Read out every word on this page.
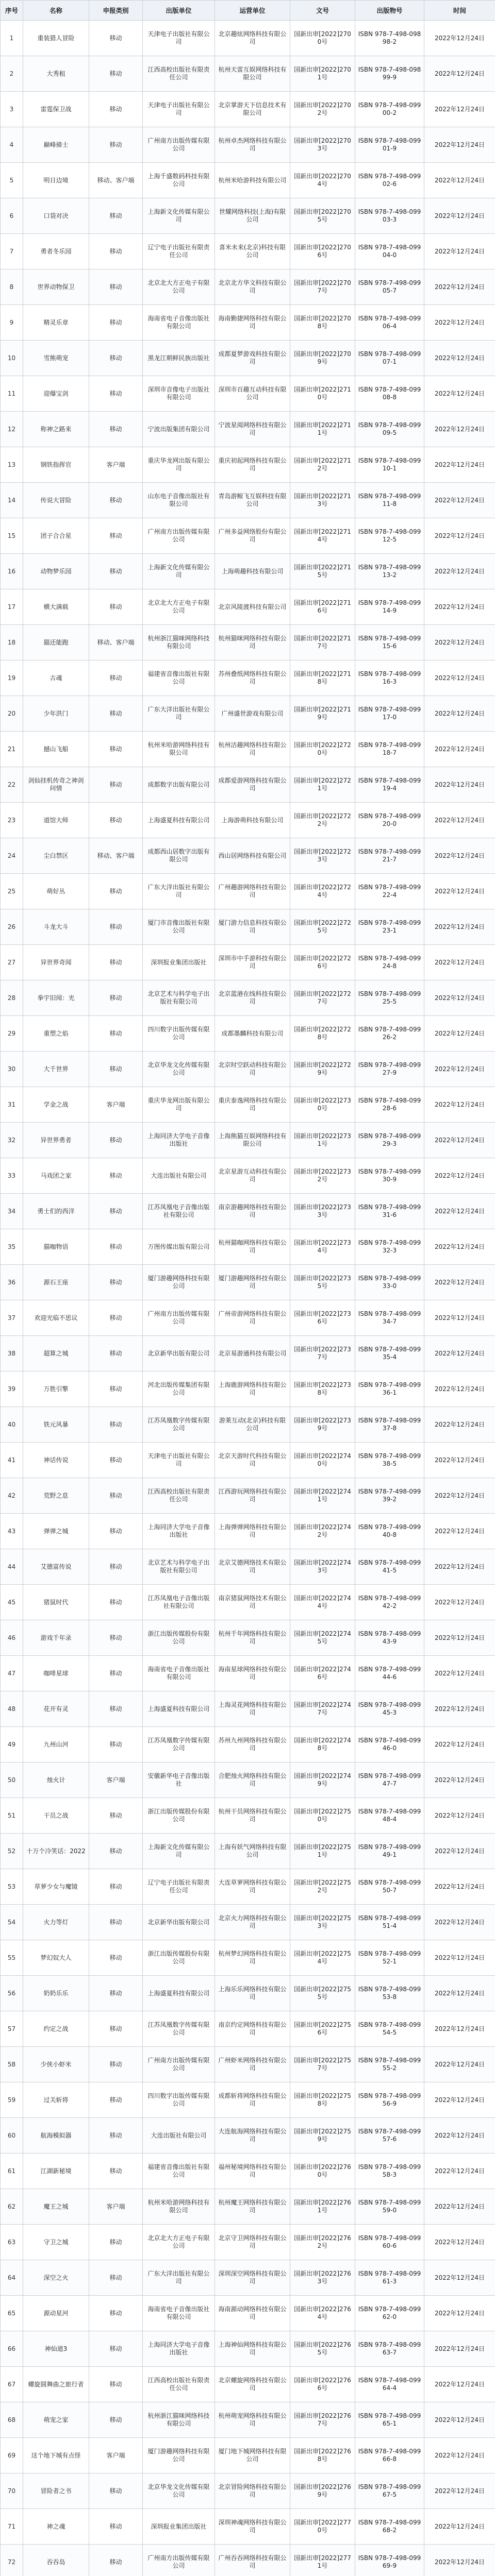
序号	名称	申报类别	出版单位	运营单位	文号	出版物号	时间
1	重装猎人冒险	移动	天津电子出版社有限公司	北京趣炫网络科技有限公司	国新出审[2022]2700号	ISBN 978-7-498-09898-2	2022年12月24日
2	大秀租	移动	江西高校出版社有限责任公司	杭州天雷互娱网络科技有限公司	国新出审[2022]2701号	ISBN 978-7-498-09899-9	2022年12月24日
3	雷霆保卫战	移动	天津电子出版社有限公司	北京掌游天下信息技术有限公司	国新出审[2022]2702号	ISBN 978-7-498-09900-2	2022年12月24日
4	巅峰骑士	移动	广州南方出版传媒有限公司	杭州卓杰网络科技有限公司	国新出审[2022]2703号	ISBN 978-7-498-09901-9	2022年12月24日
5	明日边境	移动、客户端	上海千盛数码科技有限公司	杭州米哈游科技有限公司	国新出审[2022]2704号	ISBN 978-7-498-09902-6	2022年12月24日
6	口袋对决	移动	上海新文化传媒有限公司	世耀网络科技(上海)有限公司	国新出审[2022]2705号	ISBN 978-7-498-09903-3	2022年12月24日
7	勇者冬乐园	移动	辽宁电子出版社有限责任公司	喜米未来(北京)科技有限公司	国新出审[2022]2706号	ISBN 978-7-498-09904-0	2022年12月24日
8	世界动物保卫	移动	北京北大方正电子有限公司	北京北方华文科技有限公司	国新出审[2022]2707号	ISBN 978-7-498-09905-7	2022年12月24日
9	精灵乐章	移动	海南省电子音像出版社有限公司	海南勤捷网络科技有限公司	国新出审[2022]2708号	ISBN 978-7-498-09906-4	2022年12月24日
10	雪熊萌宠	移动	黑龙江朝鲜民族出版社	成都夏梦游戏科技有限公司	国新出审[2022]2709号	ISBN 978-7-498-09907-1	2022年12月24日
11	迎爆宝剑	移动	深圳市音像电子出版社有限公司	深圳市百趣互动科技有限公司	国新出审[2022]2710号	ISBN 978-7-498-09908-8	2022年12月24日
12	称神之路来	移动	宁波出版集团有限公司	宁波星阅网络科技有限公司	国新出审[2022]2711号	ISBN 978-7-498-09909-5	2022年12月24日
13	钢铁指挥官	客户端	重庆华龙网出版有限公司	重庆初起网络科技有限公司	国新出审[2022]2712号	ISBN 978-7-498-09910-1	2022年12月24日
14	传说大冒险	移动	山东电子音像出版社有限公司	青岛游鲸飞互娱科技有限公司	国新出审[2022]2713号	ISBN 978-7-498-09911-8	2022年12月24日
15	团子合合星	移动	广州南方出版传媒有限公司	广州多益网络股份有限公司	国新出审[2022]2714号	ISBN 978-7-498-09912-5	2022年12月24日
16	动物梦乐园	移动	上海新文化传媒有限公司	上海萌趣科技有限公司	国新出审[2022]2715号	ISBN 978-7-498-09913-2	2022年12月24日
17	横大满载	移动	北京北大方正电子有限公司	北京风陵渡科技有限公司	国新出审[2022]2716号	ISBN 978-7-498-09914-9	2022年12月24日
18	猫还能跑	移动、客户端	杭州浙江猫咪网络科技有限公司	杭州猫咪网络科技有限公司	国新出审[2022]2717号	ISBN 978-7-498-09915-6	2022年12月24日
19	古魂	移动	福建省音像出版社有限公司	苏州叠纸网络科技有限公司	国新出审[2022]2718号	ISBN 978-7-498-09916-3	2022年12月24日
20	少年洪门	移动	广东大洋出版社有限公司	广州盛世游戏有限公司	国新出审[2022]2719号	ISBN 978-7-498-09917-0	2022年12月24日
21	撼山飞船	移动	杭州米哈游网络科技有限公司	杭州洁趣网络科技有限公司	国新出审[2022]2720号	ISBN 978-7-498-09918-7	2022年12月24日
22	剑仙挂机传奇之神剑问情	移动	成都数字出版有限公司	成都爱游网络科技有限公司	国新出审[2022]2721号	ISBN 978-7-498-09919-4	2022年12月24日
23	道馆大师	移动	上海盛夏科技有限公司	上海游萌科技有限公司	国新出审[2022]2722号	ISBN 978-7-498-09920-0	2022年12月24日
24	尘白禁区	移动、客户端	成都西山居数字出版有限公司	西山居网络科技有限公司	国新出审[2022]2723号	ISBN 978-7-498-09921-7	2022年12月24日
25	萌好丛	移动	广东大洋出版社有限公司	广州趣游网络科技有限公司	国新出审[2022]2724号	ISBN 978-7-498-09922-4	2022年12月24日
26	斗龙大斗	移动	厦门市音像出版社有限公司	厦门游力信息科技有限公司	国新出审[2022]2725号	ISBN 978-7-498-09923-1	2022年12月24日
27	异世界奇闻	移动	深圳报业集团出版社	深圳市中手游科技有限公司	国新出审[2022]2726号	ISBN 978-7-498-09924-8	2022年12月24日
28	拳宇旧闻：光	移动	北京艺术与科学电子出版社有限公司	北京蓝港在线科技有限公司	国新出审[2022]2727号	ISBN 978-7-498-09925-5	2022年12月24日
29	重塑之焰	移动	四川数字出版传媒有限公司	成都墨麟科技有限公司	国新出审[2022]2728号	ISBN 978-7-498-09926-2	2022年12月24日
30	大千世界	移动	北京华龙文化传媒有限公司	北京时空跃动科技有限公司	国新出审[2022]2729号	ISBN 978-7-498-09927-9	2022年12月24日
31	学金之战	客户端	重庆华龙网出版有限公司	重庆泰逸网络科技有限公司	国新出审[2022]2730号	ISBN 978-7-498-09928-6	2022年12月24日
32	异世界勇者	移动	上海同济大学电子音像出版社	上海熊猫互娱网络科技有限公司	国新出审[2022]2731号	ISBN 978-7-498-09929-3	2022年12月24日
33	马戏团之家	移动	大连出版社有限公司	北京星游互动科技有限公司	国新出审[2022]2732号	ISBN 978-7-498-09930-9	2022年12月24日
34	勇士们的西洋	移动	江苏凤凰电子音像出版社有限公司	南京游趣网络科技有限公司	国新出审[2022]2733号	ISBN 978-7-498-09931-6	2022年12月24日
35	猫咖物语	移动	万图传媒出版有限公司	杭州猫咖网络科技有限公司	国新出审[2022]2734号	ISBN 978-7-498-09932-3	2022年12月24日
36	源石王座	移动	厦门游趣网络科技有限公司	厦门游趣网络科技有限公司	国新出审[2022]2735号	ISBN 978-7-498-09933-0	2022年12月24日
37	欢迎光临不思议	移动	广州南方出版传媒有限公司	广州帝游网络科技有限公司	国新出审[2022]2736号	ISBN 978-7-498-09934-7	2022年12月24日
38	超算之城	移动	北京新华出版有限公司	北京易游通科技有限公司	国新出审[2022]2737号	ISBN 978-7-498-09935-4	2022年12月24日
39	万胜引擎	移动	河北出版传媒集团有限公司	上海鹿游网络科技有限公司	国新出审[2022]2738号	ISBN 978-7-498-09936-1	2022年12月24日
40	铁元风暴	移动	江苏凤凰数字传媒有限公司	游莱互动(北京)科技有限公司	国新出审[2022]2739号	ISBN 978-7-498-09937-8	2022年12月24日
41	神话传说	移动	天津电子出版社有限公司	北京天游时代科技有限公司	国新出审[2022]2740号	ISBN 978-7-498-09938-5	2022年12月24日
42	荒野之息	移动	江西高校出版社有限责任公司	江西游玩网络科技有限公司	国新出审[2022]2741号	ISBN 978-7-498-09939-2	2022年12月24日
43	弹弹之城	移动	上海同济大学电子音像出版社	上海弹弹网络科技有限公司	国新出审[2022]2742号	ISBN 978-7-498-09940-8	2022年12月24日
44	艾德富传说	移动	北京艺术与科学电子出版社有限公司	北京艾德网络技术有限公司	国新出审[2022]2743号	ISBN 978-7-498-09941-5	2022年12月24日
45	猪鼠时代	移动	江苏凤凰电子音像出版社有限公司	南京猪鼠网络技术有限公司	国新出审[2022]2744号	ISBN 978-7-498-09942-2	2022年12月24日
46	游戏千年录	移动	浙江出版传媒股份有限公司	杭州千年网络科技有限公司	国新出审[2022]2745号	ISBN 978-7-498-09943-9	2022年12月24日
47	咖啡星球	移动	海南省电子音像出版社有限公司	海南星球网络科技有限公司	国新出审[2022]2746号	ISBN 978-7-498-09944-6	2022年12月24日
48	花开有灵	移动	上海盛夏科技有限公司	上海灵花网络科技有限公司	国新出审[2022]2747号	ISBN 978-7-498-09945-3	2022年12月24日
49	九州山河	移动	江苏凤凰数字传媒有限公司	苏州九州网络科技有限公司	国新出审[2022]2748号	ISBN 978-7-498-09946-0	2022年12月24日
50	烛火计	客户端	安徽新华电子音像出版社	合肥烛火网络科技有限公司	国新出审[2022]2749号	ISBN 978-7-498-09947-7	2022年12月24日
51	干员之战	移动	浙江出版传媒股份有限公司	杭州干员网络科技有限公司	国新出审[2022]2750号	ISBN 978-7-498-09948-4	2022年12月24日
52	十万个冷笑话：2022	移动	上海新文化传媒有限公司	上海有妖气网络科技有限公司	国新出审[2022]2751号	ISBN 978-7-498-09949-1	2022年12月24日
53	草萝少女与魔镜	移动	辽宁电子出版社有限责任公司	大连草萝网络科技有限公司	国新出审[2022]2752号	ISBN 978-7-498-09950-7	2022年12月24日
54	火力等灯	移动	北京新华出版有限公司	北京火力网络科技有限公司	国新出审[2022]2753号	ISBN 978-7-498-09951-4	2022年12月24日
55	梦幻奴大人	移动	浙江出版传媒股份有限公司	杭州梦幻网络科技有限公司	国新出审[2022]2754号	ISBN 978-7-498-09952-1	2022年12月24日
56	奶奶乐乐	移动	上海盛夏科技有限公司	上海乐乐网络科技有限公司	国新出审[2022]2755号	ISBN 978-7-498-09953-8	2022年12月24日
57	约定之战	移动	江苏凤凰数字传媒有限公司	南京约定网络科技有限公司	国新出审[2022]2756号	ISBN 978-7-498-09954-5	2022年12月24日
58	少侠小虾米	移动	广州南方出版传媒有限公司	广州虾米网络科技有限公司	国新出审[2022]2757号	ISBN 978-7-498-09955-2	2022年12月24日
59	过关斩将	移动	四川数字出版传媒有限公司	成都斩将网络科技有限公司	国新出审[2022]2758号	ISBN 978-7-498-09956-9	2022年12月24日
60	航海模拟器	移动	大连出版社有限公司	大连航海网络科技有限公司	国新出审[2022]2759号	ISBN 978-7-498-09957-6	2022年12月24日
61	江湖新秘境	移动	福建省音像出版社有限公司	福州秘境网络科技有限公司	国新出审[2022]2760号	ISBN 978-7-498-09958-3	2022年12月24日
62	魔王之城	客户端	杭州米哈游网络科技有限公司	杭州魔王网络科技有限公司	国新出审[2022]2761号	ISBN 978-7-498-09959-0	2022年12月24日
63	守卫之城	移动	北京北大方正电子有限公司	北京守卫网络科技有限公司	国新出审[2022]2762号	ISBN 978-7-498-09960-6	2022年12月24日
64	深空之火	移动	广东大洋出版社有限公司	深圳深空网络科技有限公司	国新出审[2022]2763号	ISBN 978-7-498-09961-3	2022年12月24日
65	源动星河	移动	海南省电子音像出版社有限公司	海南源动网络科技有限公司	国新出审[2022]2764号	ISBN 978-7-498-09962-0	2022年12月24日
66	神仙道3	移动	上海同济大学电子音像出版社	上海神仙网络科技有限公司	国新出审[2022]2765号	ISBN 978-7-498-09963-7	2022年12月24日
67	螺旋圆舞曲之旅行者	移动	江西高校出版社有限责任公司	北京螺旋网络科技有限公司	国新出审[2022]2766号	ISBN 978-7-498-09964-4	2022年12月24日
68	萌宠之家	移动	杭州浙江猫咪网络科技有限公司	杭州萌宠网络科技有限公司	国新出审[2022]2767号	ISBN 978-7-498-09965-1	2022年12月24日
69	这个地下城有点怪	客户端	厦门游趣网络科技有限公司	厦门地下城网络科技有限公司	国新出审[2022]2768号	ISBN 978-7-498-09966-8	2022年12月24日
70	冒险者之书	移动	北京华龙文化传媒有限公司	北京冒险网络科技有限公司	国新出审[2022]2769号	ISBN 978-7-498-09967-5	2022年12月24日
71	神之魂	移动	深圳报业集团出版社	深圳神魂网络科技有限公司	国新出审[2022]2770号	ISBN 978-7-498-09968-2	2022年12月24日
72	吞吞岛	移动	广州南方出版传媒有限公司	广州吞吞网络科技有限公司	国新出审[2022]2771号	ISBN 978-7-498-09969-9	2022年12月24日
